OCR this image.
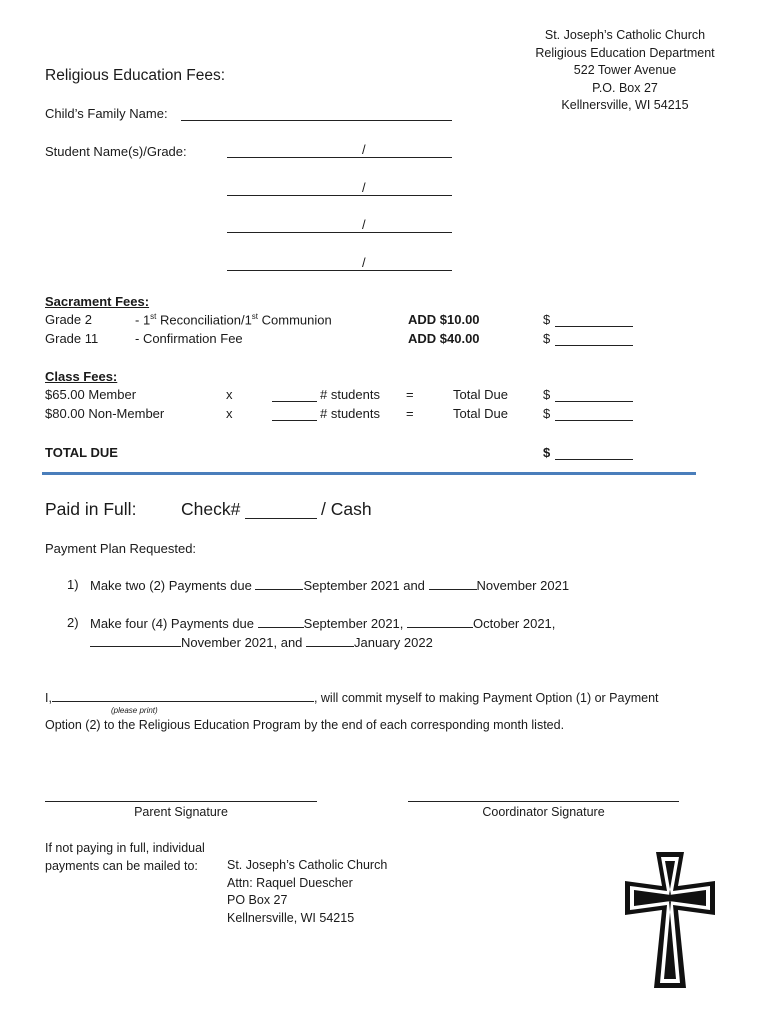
St. Joseph’s Catholic Church
Religious Education Department
522 Tower Avenue
P.O. Box 27
Kellnersville, WI 54215
Religious Education Fees:
Child’s Family Name:
Student Name(s)/Grade:	/
/
/
/
Sacrament Fees:
Grade 2	- 1st Reconciliation/1st Communion	ADD $10.00	$
Grade 11	- Confirmation Fee	ADD $40.00	$
Class Fees:
$65.00 Member	x	# students =	Total Due	$
$80.00 Non-Member	x	# students =	Total Due	$
TOTAL DUE	$
Paid in Full:	Check#	/ Cash
Payment Plan Requested:
1) Make two (2) Payments due	September 2021 and	November 2021
2) Make four (4) Payments due	September 2021,	October 2021,
November 2021, and	January 2022
I,	, will commit myself to making Payment Option (1) or Payment
(please print)
Option (2) to the Religious Education Program by the end of each corresponding month listed.
Parent Signature	Coordinator Signature
If not paying in full, individual
payments can be mailed to:	St. Joseph’s Catholic Church
Attn: Raquel Duescher
PO Box 27
Kellnersville, WI 54215
